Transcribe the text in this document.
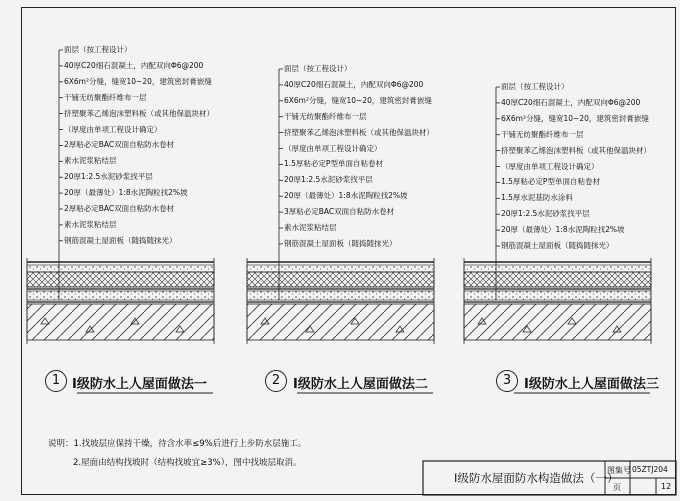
面层（按工程设计）
40厚C20细石混凝土，内配双向Φ6@200
6X6m²分缝，缝宽10~20，建筑密封膏嵌缝
干铺无纺聚酯纤维布一层
挤塑聚苯乙烯泡沫塑料板（或其他保温块材）
（厚度由单项工程设计确定）
2厚粘必定BAC双面自粘防水卷材
素水泥浆粘结层
20厚1:2.5水泥砂浆找平层
20厚（最薄处）1:8水泥陶粒找2%坡
2厚粘必定BAC双面自粘防水卷材
素水泥浆粘结层
钢筋混凝土屋面板（随捣随抹光）
1 Ⅰ级防水上人屋面做法一
面层（按工程设计）
40厚C20细石混凝土，内配双向Φ6@200
6X6m²分缝，缝宽10~20，建筑密封膏嵌缝
干铺无纺聚酯纤维布一层
挤塑聚苯乙烯泡沫塑料板（或其他保温块材）
（厚度由单项工程设计确定）
1.5厚粘必定P型单面自粘卷材
20厚1:2.5水泥砂浆找平层
20厚（最薄处）1:8水泥陶粒找2%坡
3厚粘必定BAC双面自粘防水卷材
素水泥浆粘结层
钢筋混凝土屋面板（随捣随抹光）
2 Ⅰ级防水上人屋面做法二
面层（按工程设计）
40厚C20细石混凝土，内配双向Φ6@200
6X6m²分缝，缝宽10~20，建筑密封膏嵌缝
干铺无纺聚酯纤维布一层
挤塑聚苯乙烯泡沫塑料板（或其他保温块材）
（厚度由单项工程设计确定）
1.5厚粘必定P型单面自粘卷材
1.5厚水泥基防水涂料
20厚1:2.5水泥砂浆找平层
20厚（最薄处）1:8水泥陶粒找2%坡
钢筋混凝土屋面板（随捣随抹光）
3 Ⅰ级防水上人屋面做法三
说明：1.找坡层应保持干燥，待含水率≤9%后进行上步防水层施工。
2.屋面由结构找坡时（结构找坡宜≥3%），图中找坡层取消。
Ⅰ级防水屋面防水构造做法（一）
图集号 05ZTJ204
页	12
